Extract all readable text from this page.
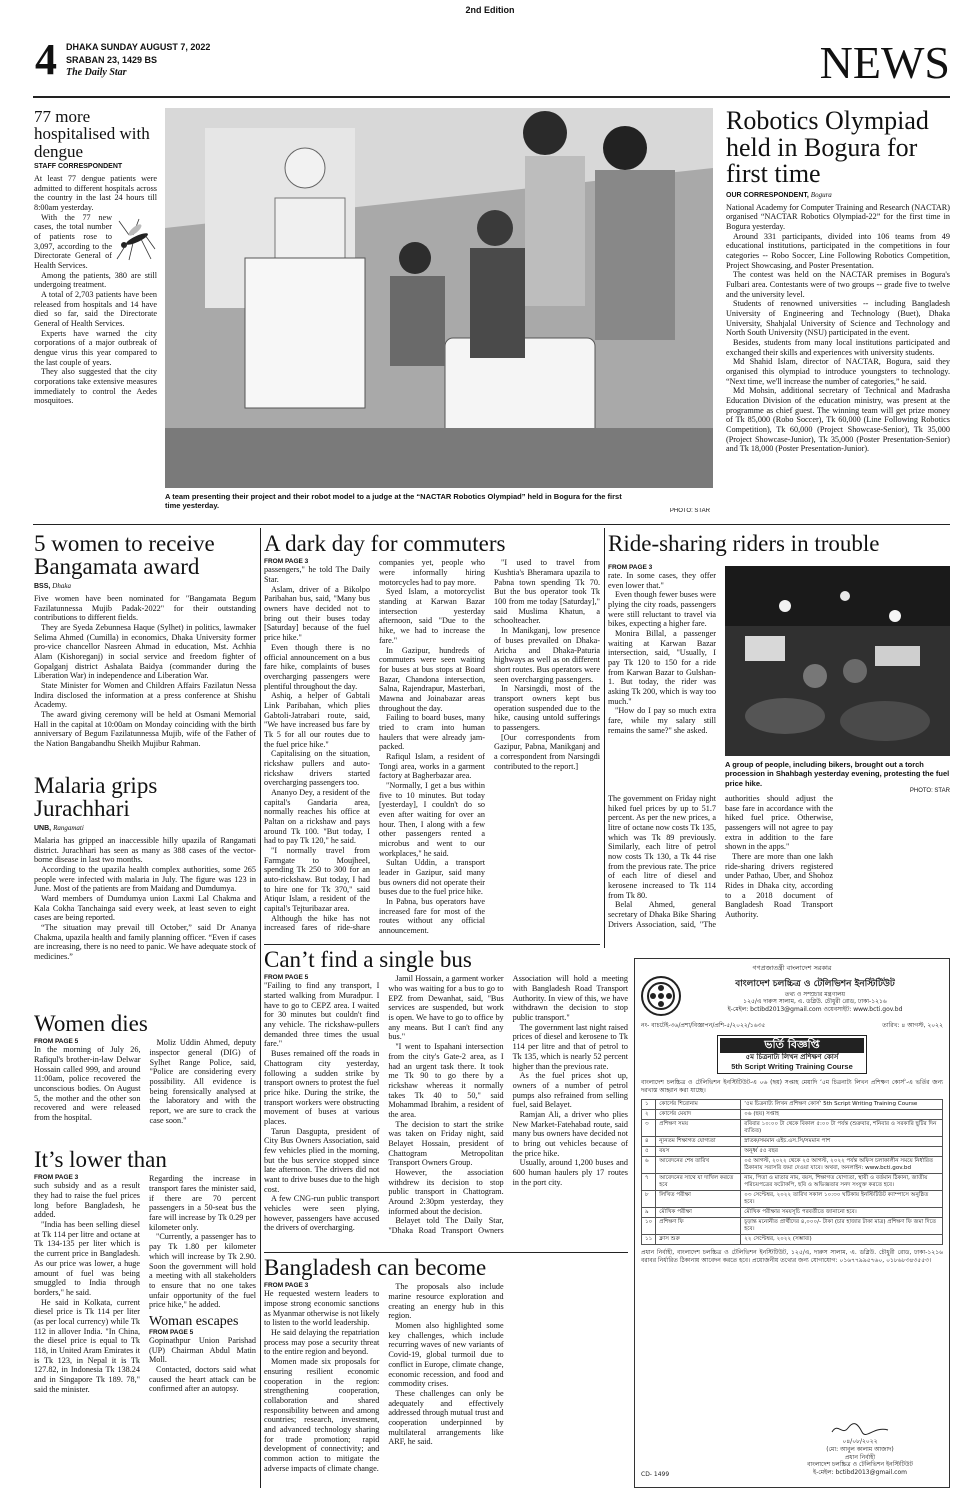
2nd Edition
4 DHAKA SUNDAY AUGUST 7, 2022
SRABAN 23, 1429 BS
The Daily Star	NEWS
77 more hospitalised with dengue
STAFF CORRESPONDENT

At least 77 dengue patients were admitted to different hospitals across the country in the last 24 hours till 8:00am yesterday.

With the 77 new cases, the total number of patients rose to 3,097, according to the Directorate General of Health Services.

Among the patients, 380 are still undergoing treatment.

A total of 2,703 patients have been released from hospitals and 14 have died so far, said the Directorate General of Health Services.

Experts have warned the city corporations of a major outbreak of dengue virus this year compared to the last couple of years.

They also suggested that the city corporations take extensive measures immediately to control the Aedes mosquitoes.

A team presenting their project and their robot model to a judge at the “NACTAR Robotics Olympiad” held in Bogura for the first time yesterday.
PHOTO: STAR
Robotics Olympiad held in Bogura for first time
OUR CORRESPONDENT, Bogura

National Academy for Computer Training and Research (NACTAR) organised “NACTAR Robotics Olympiad-22” for the first time in Bogura yesterday.

Around 331 participants, divided into 106 teams from 49 educational institutions, participated in the competitions in four categories -- Robo Soccer, Line Following Robotics Competition, Project Showcasing, and Poster Presentation.

The contest was held on the NACTAR premises in Bogura's Fulbari area. Contestants were of two groups -- grade five to twelve and the university level.

Students of renowned universities -- including Bangladesh University of Engineering and Technology (Buet), Dhaka University, Shahjalal University of Science and Technology and North South University (NSU) participated in the event.

Besides, students from many local institutions participated and exchanged their skills and experiences with university students.

Md Shahid Islam, director of NACTAR, Bogura, said they organised this olympiad to introduce youngsters to technology. “Next time, we'll increase the number of categories,” he said.

Md Mohsin, additional secretary of Technical and Madrasha Education Division of the education ministry, was present at the programme as chief guest. The winning team will get prize money of Tk 85,000 (Robo Soccer), Tk 60,000 (Line Following Robotics Competition), Tk 60,000 (Project Showcase-Senior), Tk 35,000 (Project Showcase-Junior), Tk 35,000 (Poster Presentation-Senior) and Tk 18,000 (Poster Presentation-Junior).

5 women to receive Bangamata award
BSS, Dhaka

Five women have been nominated for "Bangamata Begum Fazilatunnessa Mujib Padak-2022" for their outstanding contributions to different fields.

They are Syeda Zebunnesa Haque (Sylhet) in politics, lawmaker Selima Ahmed (Cumilla) in economics, Dhaka University former pro-vice chancellor Nasreen Ahmad in education, Mst. Achhia Alam (Kishoreganj) in social service and freedom fighter of Gopalganj district Ashalata Baidya (commander during the Liberation War) in independence and Liberation War.

State Minister for Women and Children Affairs Fazilatun Nessa Indira disclosed the information at a press conference at Shishu Academy.

The award giving ceremony will be held at Osmani Memorial Hall in the capital at 10:00am on Monday coinciding with the birth anniversary of Begum Fazilatunnessa Mujib, wife of the Father of the Nation Bangabandhu Sheikh Mujibur Rahman.

Malaria grips Jurachhari
UNB, Rangamati

Malaria has gripped an inaccessible hilly upazila of Rangamati district. Jurachhari has seen as many as 388 cases of the vector-borne disease in last two months.

According to the upazila health complex authorities, some 265 people were infected with malaria in July. The figure was 123 in June. Most of the patients are from Maidang and Dumdumya.

Ward members of Dumdumya union Laxmi Lal Chakma and Kala Cokha Tanchainga said every week, at least seven to eight cases are being reported.

“The situation may prevail till October,” said Dr Ananya Chakma, upazila health and family planning officer. “Even if cases are increasing, there is no need to panic. We have adequate stock of medicines.”

Women dies
FROM PAGE 5

In the morning of July 26, Rafiqul's brother-in-law Delwar Hossain called 999, and around 11:00am, police recovered the unconscious bodies. On August 5, the mother and the other son recovered and were released from the hospital.

Moliz Uddin Ahmed, deputy inspector general (DIG) of Sylhet Range Police, said, "Police are considering every possibility. All evidence is being forensically analysed at the laboratory and with the report, we are sure to crack the case soon."

It’s lower than
FROM PAGE 3

such subsidy and as a result they had to raise the fuel prices long before Bangladesh, he added.

"India has been selling diesel at Tk 114 per litre and octane at Tk 134-135 per liter which is the current price in Bangladesh. As our price was lower, a huge amount of fuel was being smuggled to India through borders," he said.

He said in Kolkata, current diesel price is Tk 114 per liter (as per local currency) while Tk 112 in allover India. "In China, the diesel price is equal to Tk 118, in United Aram Emirates it is Tk 123, in Nepal it is Tk 127.82, in Indonesia Tk 138.24 and in Singapore Tk 189. 78," said the minister.

Regarding the increase in transport fares the minister said, if there are 70 percent passengers in a 50-seat bus the fare will increase by Tk 0.29 per kilometer only.

"Currently, a passenger has to pay Tk 1.80 per kilometer which will increase by Tk 2.90. Soon the government will hold a meeting with all stakeholders to ensure that no one takes unfair opportunity of the fuel price hike," he added.

Woman escapes
FROM PAGE 5

Gopinathpur Union Parishad (UP) Chairman Abdul Matin Moll.

Contacted, doctors said what caused the heart attack can be confirmed after an autopsy.

A dark day for commuters
FROM PAGE 3

passengers," he told The Daily Star.

Aslam, driver of a Bikolpo Paribahan bus, said, "Many bus owners have decided not to bring out their buses today [Saturday] because of the fuel price hike."

Even though there is no official announcement on a bus fare hike, complaints of buses overcharging passengers were plentiful throughout the day.

Ashiq, a helper of Gabtali Link Paribahan, which plies Gabtoli-Jatrabari route, said, "We have increased bus fare by Tk 5 for all our routes due to the fuel price hike."

Capitalising on the situation, rickshaw pullers and auto-rickshaw drivers started overcharging passengers too.

Ananyo Dey, a resident of the capital's Gandaria area, normally reaches his office at Paltan on a rickshaw and pays around Tk 100. "But today, I had to pay Tk 120," he said.

"I normally travel from Farmgate to Moujheel, spending Tk 250 to 300 for an auto-rickshaw. But today, I had to hire one for Tk 370," said Atiqur Islam, a resident of the capital's Tejturibazar area.

Although the hike has not increased fares of ride-share companies yet, people who were informally hiring motorcycles had to pay more.

Syed Islam, a motorcyclist standing at Karwan Bazar intersection yesterday afternoon, said "Due to the hike, we had to increase the fare."

In Gazipur, hundreds of commuters were seen waiting for buses at bus stops at Board Bazar, Chandona intersection, Salna, Rajendrapur, Masterbari, Mawna and Joinabazar areas throughout the day.

Failing to board buses, many tried to cram into human haulers that were already jam-packed.

Rafiqul Islam, a resident of Tongi area, works in a garment factory at Bagherbazar area.

"Normally, I get a bus within five to 10 minutes. But today [yesterday], I couldn't do so even after waiting for over an hour. Then, I along with a few other passengers rented a microbus and went to our workplaces," he said.

Sultan Uddin, a transport leader in Gazipur, said many bus owners did not operate their buses due to the fuel price hike.

In Pabna, bus operators have increased fare for most of the routes without any official announcement.

"I used to travel from Kushtia's Bheramara upazila to Pabna town spending Tk 70. But the bus operator took Tk 100 from me today [Saturday]," said Muslima Khatun, a schoolteacher.

In Manikganj, low presence of buses prevailed on Dhaka-Aricha and Dhaka-Paturia highways as well as on different short routes. Bus operators were seen overcharging passengers.

In Narsingdi, most of the transport owners kept bus operation suspended due to the hike, causing untold sufferings to passengers.

[Our correspondents from Gazipur, Pabna, Manikganj and a correspondent from Narsingdi contributed to the report.]

Ride-sharing riders in trouble
FROM PAGE 3

rate. In some cases, they offer even lower that."

Even though fewer buses were plying the city roads, passengers were still reluctant to travel via bikes, expecting a higher fare.

Monira Billal, a passenger waiting at Karwan Bazar intersection, said, "Usually, I pay Tk 120 to 150 for a ride from Karwan Bazar to Gulshan-1. But today, the rider was asking Tk 200, which is way too much."

"How do I pay so much extra fare, while my salary still remains the same?" she asked.

A group of people, including bikers, brought out a torch procession in Shahbagh yesterday evening, protesting the fuel price hike.
PHOTO: STAR

The government on Friday night hiked fuel prices by up to 51.7 percent. As per the new prices, a litre of octane now costs Tk 135, which was Tk 89 previously. Similarly, each litre of petrol now costs Tk 130, a Tk 44 rise from the previous rate. The price of each litre of diesel and kerosene increased to Tk 114 from Tk 80.

Belal Ahmed, general secretary of Dhaka Bike Sharing Drivers Association, said, "The authorities should adjust the base fare in accordance with the hiked fuel price. Otherwise, passengers will not agree to pay extra in addition to the fare shown in the apps."

There are more than one lakh ride-sharing drivers registered under Pathao, Uber, and Shohoz Rides in Dhaka city, according to a 2018 document of Bangladesh Road Transport Authority.

Can’t find a single bus
FROM PAGE 5

"Failing to find any transport, I started walking from Muradpur. I have to go to CEPZ area. I waited for 30 minutes but couldn't find any vehicle. The rickshaw-pullers demanded three times the usual fare."

Buses remained off the roads in Chattogram city yesterday, following a sudden strike by transport owners to protest the fuel price hike. During the strike, the transport workers were obstructing movement of buses at various places.

Tarun Dasgupta, president of City Bus Owners Association, said few vehicles plied in the morning, but the bus service stopped since late afternoon. The drivers did not want to drive buses due to the high cost.

A few CNG-run public transport vehicles were seen plying, however, passengers have accused the drivers of overcharging.

Jamil Hossain, a garment worker who was waiting for a bus to go to EPZ from Dewanhat, said, "Bus services are suspended, but work is open. We have to go to office by any means. But I can't find any bus."

"I went to Ispahani intersection from the city's Gate-2 area, as I had an urgent task there. It took me Tk 90 to go there by a rickshaw whereas it normally takes Tk 40 to 50," said Mohammad Ibrahim, a resident of the area.

The decision to start the strike was taken on Friday night, said Belayet Hossain, president of Chattogram Metropolitan Transport Owners Group.

However, the association withdrew its decision to stop public transport in Chattogram. Around 2:30pm yesterday, they informed about the decision.

Belayet told The Daily Star, "Dhaka Road Transport Owners Association will hold a meeting with Bangladesh Road Transport Authority. In view of this, we have withdrawn the decision to stop public transport."

The government last night raised prices of diesel and kerosene to Tk 114 per litre and that of petrol to Tk 135, which is nearly 52 percent higher than the previous rate.

As the fuel prices shot up, owners of a number of petrol pumps also refrained from selling fuel, said Belayet.

Ramjan Ali, a driver who plies New Market-Fatehabad route, said many bus owners have decided not to bring out vehicles because of the price hike.

Usually, around 1,200 buses and 600 human haulers ply 17 routes in the port city.

Bangladesh can become
FROM PAGE 3

He requested western leaders to impose strong economic sanctions as Myanmar otherwise is not likely to listen to the world leadership.

He said delaying the repatriation process may pose a security threat to the entire region and beyond.

Momen made six proposals for ensuring resilient economic cooperation in the region: strengthening cooperation, collaboration and shared responsibility between and among countries; research, investment, and advanced technology sharing for trade promotion; rapid development of connectivity; and common action to mitigate the adverse impacts of climate change.

The proposals also include marine resource exploration and creating an energy hub in this region.

Momen also highlighted some key challenges, which include recurring waves of new variants of Covid-19, global turmoil due to conflict in Europe, climate change, economic recession, and food and commodity crises.

These challenges can only be adequately and effectively addressed through mutual trust and cooperation underpinned by multilateral arrangements like ARF, he said.

গণপ্রজাতন্ত্রী বাংলাদেশ সরকার
বাংলাদেশ চলচ্চিত্র ও টেলিভিশন ইনস্টিটিউট
তথ্য ও সম্প্রচার মন্ত্রণালয়
১২৫/এ দারুস সালাম, এ. ডব্লিউ. চৌধুরী রোড, ঢাকা-১২১৬
ই-মেইল: bctibd2013@gmail.com ওয়েবসাইট: www.bcti.gov.bd
নং- বাচটেই-৩৬/প্রশা/বিজ্ঞাপন/প্রশি-৫/২০২২/১৬৩৫	তারিখ: ৪ আগস্ট, ২০২২
ভর্তি বিজ্ঞপ্তি
৫ম চিত্রনাট্য লিখন প্রশিক্ষণ কোর্স
5th Script Writing Training Course
বাংলাদেশ চলচ্চিত্র ও টেলিভিশন ইনস্টিটিউট-এ ০৬ (ছয়) সপ্তাহ মেয়াদি ‘৫ম চিত্রনাট্য লিখন প্রশিক্ষণ কোর্স’-এ ভর্তির জন্য দরখাস্ত আহ্বান করা যাচ্ছে।
১	কোর্সের শিরোনাম	‘৫ম চিত্রনাট্য লিখন প্রশিক্ষণ কোর্স’ 5th Script Writing Training Course
২	কোর্সের মেয়াদ	০৬ (ছয়) সপ্তাহ
৩	প্রশিক্ষণ সময়	রবিবার ১০:০০ টা থেকে বিকাল ৫:০০ টা পর্যন্ত (শুক্রবার, শনিবার ও সরকারি ছুটির দিন ব্যতিত)
৪	ন্যূনতম শিক্ষাগত যোগ্যতা	স্নাতক/সমমান এইচ.এস.সি/সমমান পাশ
৫	বয়স	অনূর্ধ্ব ৫৫ বছর
৬	আবেদনের শেষ তারিখ	০৫ আগস্ট, ২০২২ থেকে ২৫ আগস্ট, ২০২২ পর্যন্ত অফিস চলাকালীন সময়ে নির্ধারিত ঠিকানায় সরাসরি জমা দেওয়া যাবে। অথবা, অনলাইন: www.bcti.gov.bd
৭	আবেদনের সাথে যা দাখিল করতে হবে	নাম, পিতা ও মাতার নাম, বয়স, শিক্ষাগত যোগ্যতা, স্থায়ী ও বর্তমান ঠিকানা, জাতীয় পরিচয়পত্রের ফটোকপি, ছবি ও অভিজ্ঞতার সনদ সংযুক্ত করতে হবে।
৮	লিখিত পরীক্ষা	০৩ সেপ্টেম্বর, ২০২২ তারিখ সকাল ১০:৩০ ঘটিকায় ইনস্টিটিউট ক্যাম্পাসে অনুষ্ঠিত হবে।
৯	মৌখিক পরীক্ষা	মৌখিক পরীক্ষার সময়সূচি পরবর্তীতে জানানো হবে।
১০	প্রশিক্ষণ ফি	চূড়ান্ত মনোনীত প্রার্থীদের ৪,০০০/- টাকা (চার হাজার টাকা মাত্র) প্রশিক্ষণ ফি জমা দিতে হবে।
১১	ক্লাস শুরু	২২ সেপ্টেম্বর, ২০২২ (সম্ভাব্য)
প্রধান নির্বাহী, বাংলাদেশ চলচ্চিত্র ও টেলিভিশন ইনস্টিটিউট, ১২৫/এ, দারুস সালাম, এ. ডব্লিউ. চৌধুরী রোড, ঢাকা-১২১৬ বরাবর নির্ধারিত ঠিকানায় আবেদন করতে হবে। প্রয়োজনীয় তথ্যের জন্য যোগাযোগ: ০১৬৭৭৯৯৫৭৬০, ০১৮৬৮৩৪৩৫৫৩।
০৪/০৮/২০২২
(মো: আবুল কালাম আজাদ)
প্রধান নির্বাহী
বাংলাদেশ চলচ্চিত্র ও টেলিভিশন ইনস্টিটিউট
ই-মেইল: bctibd2013@gmail.com
CD- 1499
